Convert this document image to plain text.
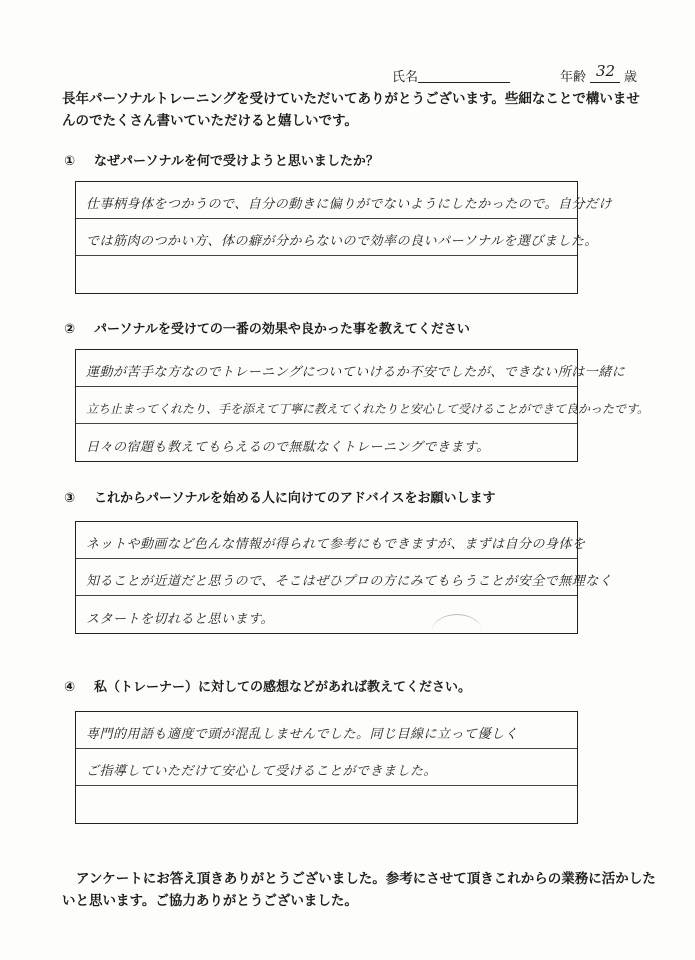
氏名	年齢 32 歳
長年パーソナルトレーニングを受けていただいてありがとうございます。些細なことで構いませんのでたくさん書いていただけると嬉しいです。
① なぜパーソナルを何で受けようと思いましたか？
仕事柄身体をつかうので、自分の動きに偏りがでないようにしたかったので。自分だけ
では筋肉のつかい方、体の癖が分からないので効率の良いパーソナルを選びました。
② パーソナルを受けての一番の効果や良かった事を教えてください
運動が苦手な方なのでトレーニングについていけるか不安でしたが、できない所は一緒に
立ち止まってくれたり、手を添えて丁寧に教えてくれたりと安心して受けることができて良かったです。
日々の宿題も教えてもらえるので無駄なくトレーニングできます。
③ これからパーソナルを始める人に向けてのアドバイスをお願いします
ネットや動画など色んな情報が得られて参考にもできますが、まずは自分の身体を
知ることが近道だと思うので、そこはぜひプロの方にみてもらうことが安全で無理なく
スタートを切れると思います。
④ 私（トレーナー）に対しての感想などがあれば教えてください。
専門的用語も適度で頭が混乱しませんでした。同じ目線に立って優しく
ご指導していただけて安心して受けることができました。
アンケートにお答え頂きありがとうございました。参考にさせて頂きこれからの業務に活かしたいと思います。ご協力ありがとうございました。
